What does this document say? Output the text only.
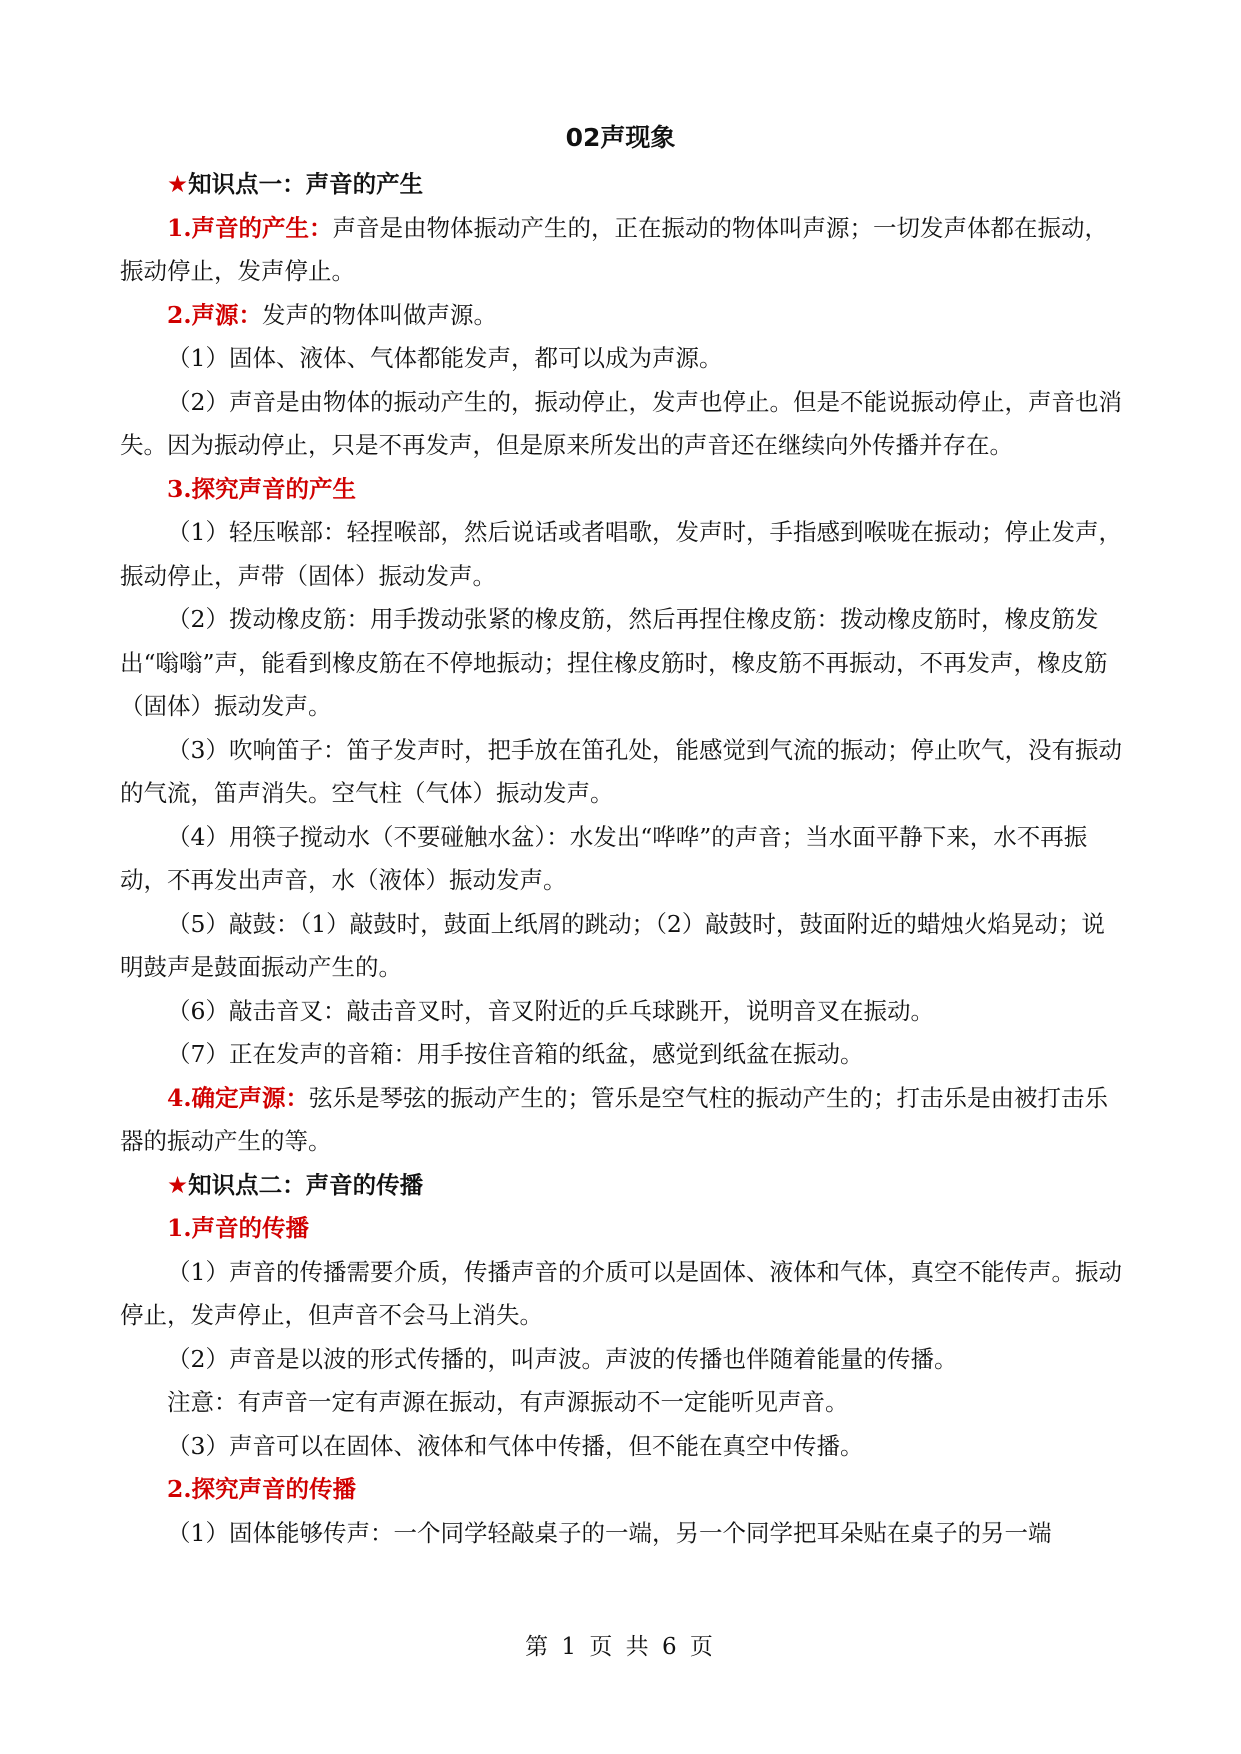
02声现象

★知识点一：声音的产生

1.声音的产生：声音是由物体振动产生的，正在振动的物体叫声源；一切发声体都在振动，振动停止，发声停止。

2.声源：发声的物体叫做声源。

（1）固体、液体、气体都能发声，都可以成为声源。

（2）声音是由物体的振动产生的，振动停止，发声也停止。但是不能说振动停止，声音也消失。因为振动停止，只是不再发声，但是原来所发出的声音还在继续向外传播并存在。

3.探究声音的产生

（1）轻压喉部：轻捏喉部，然后说话或者唱歌，发声时，手指感到喉咙在振动；停止发声，振动停止，声带（固体）振动发声。

（2）拨动橡皮筋：用手拨动张紧的橡皮筋，然后再捏住橡皮筋：拨动橡皮筋时，橡皮筋发出“嗡嗡”声，能看到橡皮筋在不停地振动；捏住橡皮筋时，橡皮筋不再振动，不再发声，橡皮筋（固体）振动发声。

（3）吹响笛子：笛子发声时，把手放在笛孔处，能感觉到气流的振动；停止吹气，没有振动的气流，笛声消失。空气柱（气体）振动发声。

（4）用筷子搅动水（不要碰触水盆）：水发出“哗哗”的声音；当水面平静下来，水不再振动，不再发出声音，水（液体）振动发声。

（5）敲鼓：（1）敲鼓时，鼓面上纸屑的跳动；（2）敲鼓时，鼓面附近的蜡烛火焰晃动；说明鼓声是鼓面振动产生的。

（6）敲击音叉：敲击音叉时，音叉附近的乒乓球跳开，说明音叉在振动。

（7）正在发声的音箱：用手按住音箱的纸盆，感觉到纸盆在振动。

4.确定声源：弦乐是琴弦的振动产生的；管乐是空气柱的振动产生的；打击乐是由被打击乐器的振动产生的等。

★知识点二：声音的传播

1.声音的传播

（1）声音的传播需要介质，传播声音的介质可以是固体、液体和气体，真空不能传声。振动停止，发声停止，但声音不会马上消失。

（2）声音是以波的形式传播的，叫声波。声波的传播也伴随着能量的传播。

注意：有声音一定有声源在振动，有声源振动不一定能听见声音。

（3）声音可以在固体、液体和气体中传播，但不能在真空中传播。

2.探究声音的传播

（1）固体能够传声：一个同学轻敲桌子的一端，另一个同学把耳朵贴在桌子的另一端

第 1 页 共 6 页
